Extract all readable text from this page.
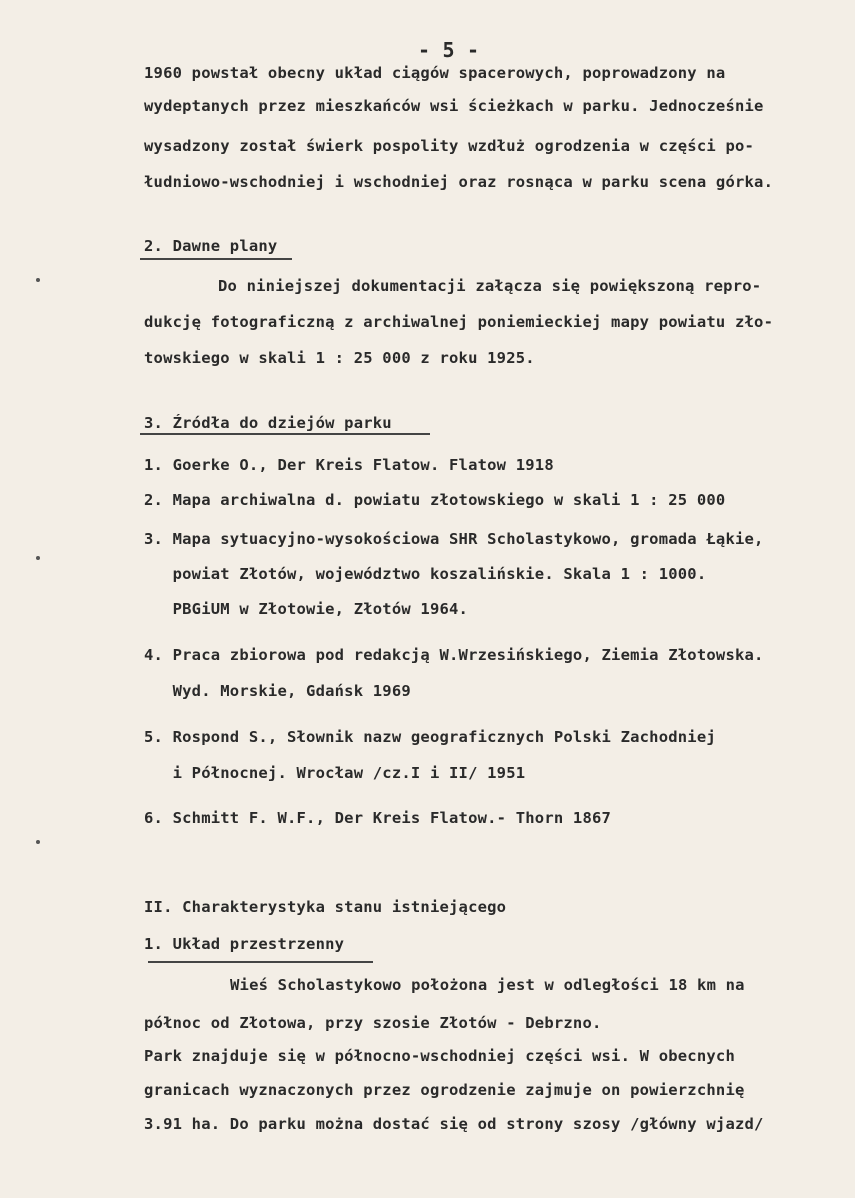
- 5 -
1960 powstał obecny układ ciągów spacerowych, poprowadzony na
wydeptanych przez mieszkańców wsi ścieżkach w parku. Jednocześnie
wysadzony został świerk pospolity wzdłuż ogrodzenia w części po-
łudniowo-wschodniej i wschodniej oraz rosnąca w parku scena górka.
2. Dawne plany
Do niniejszej dokumentacji załącza się powiększoną repro-
dukcję fotograficzną z archiwalnej poniemieckiej mapy powiatu zło-
towskiego w skali 1 : 25 000 z roku 1925.
3. Źródła do dziejów parku
1. Goerke O., Der Kreis Flatow. Flatow 1918
2. Mapa archiwalna d. powiatu złotowskiego w skali 1 : 25 000
3. Mapa sytuacyjno-wysokościowa SHR Scholastykowo, gromada Łąkie,
powiat Złotów, województwo koszalińskie. Skala 1 : 1000.
PBGiUM w Złotowie, Złotów 1964.
4. Praca zbiorowa pod redakcją W.Wrzesińskiego, Ziemia Złotowska.
Wyd. Morskie, Gdańsk 1969
5. Rospond S., Słownik nazw geograficznych Polski Zachodniej
i Północnej. Wrocław /cz.I i II/ 1951
6. Schmitt F. W.F., Der Kreis Flatow.- Thorn 1867
II. Charakterystyka stanu istniejącego
1. Układ przestrzenny
Wieś Scholastykowo położona jest w odległości 18 km na
północ od Złotowa, przy szosie Złotów - Debrzno.
Park znajduje się w północno-wschodniej części wsi. W obecnych
granicach wyznaczonych przez ogrodzenie zajmuje on powierzchnię
3.91 ha. Do parku można dostać się od strony szosy /główny wjazd/
